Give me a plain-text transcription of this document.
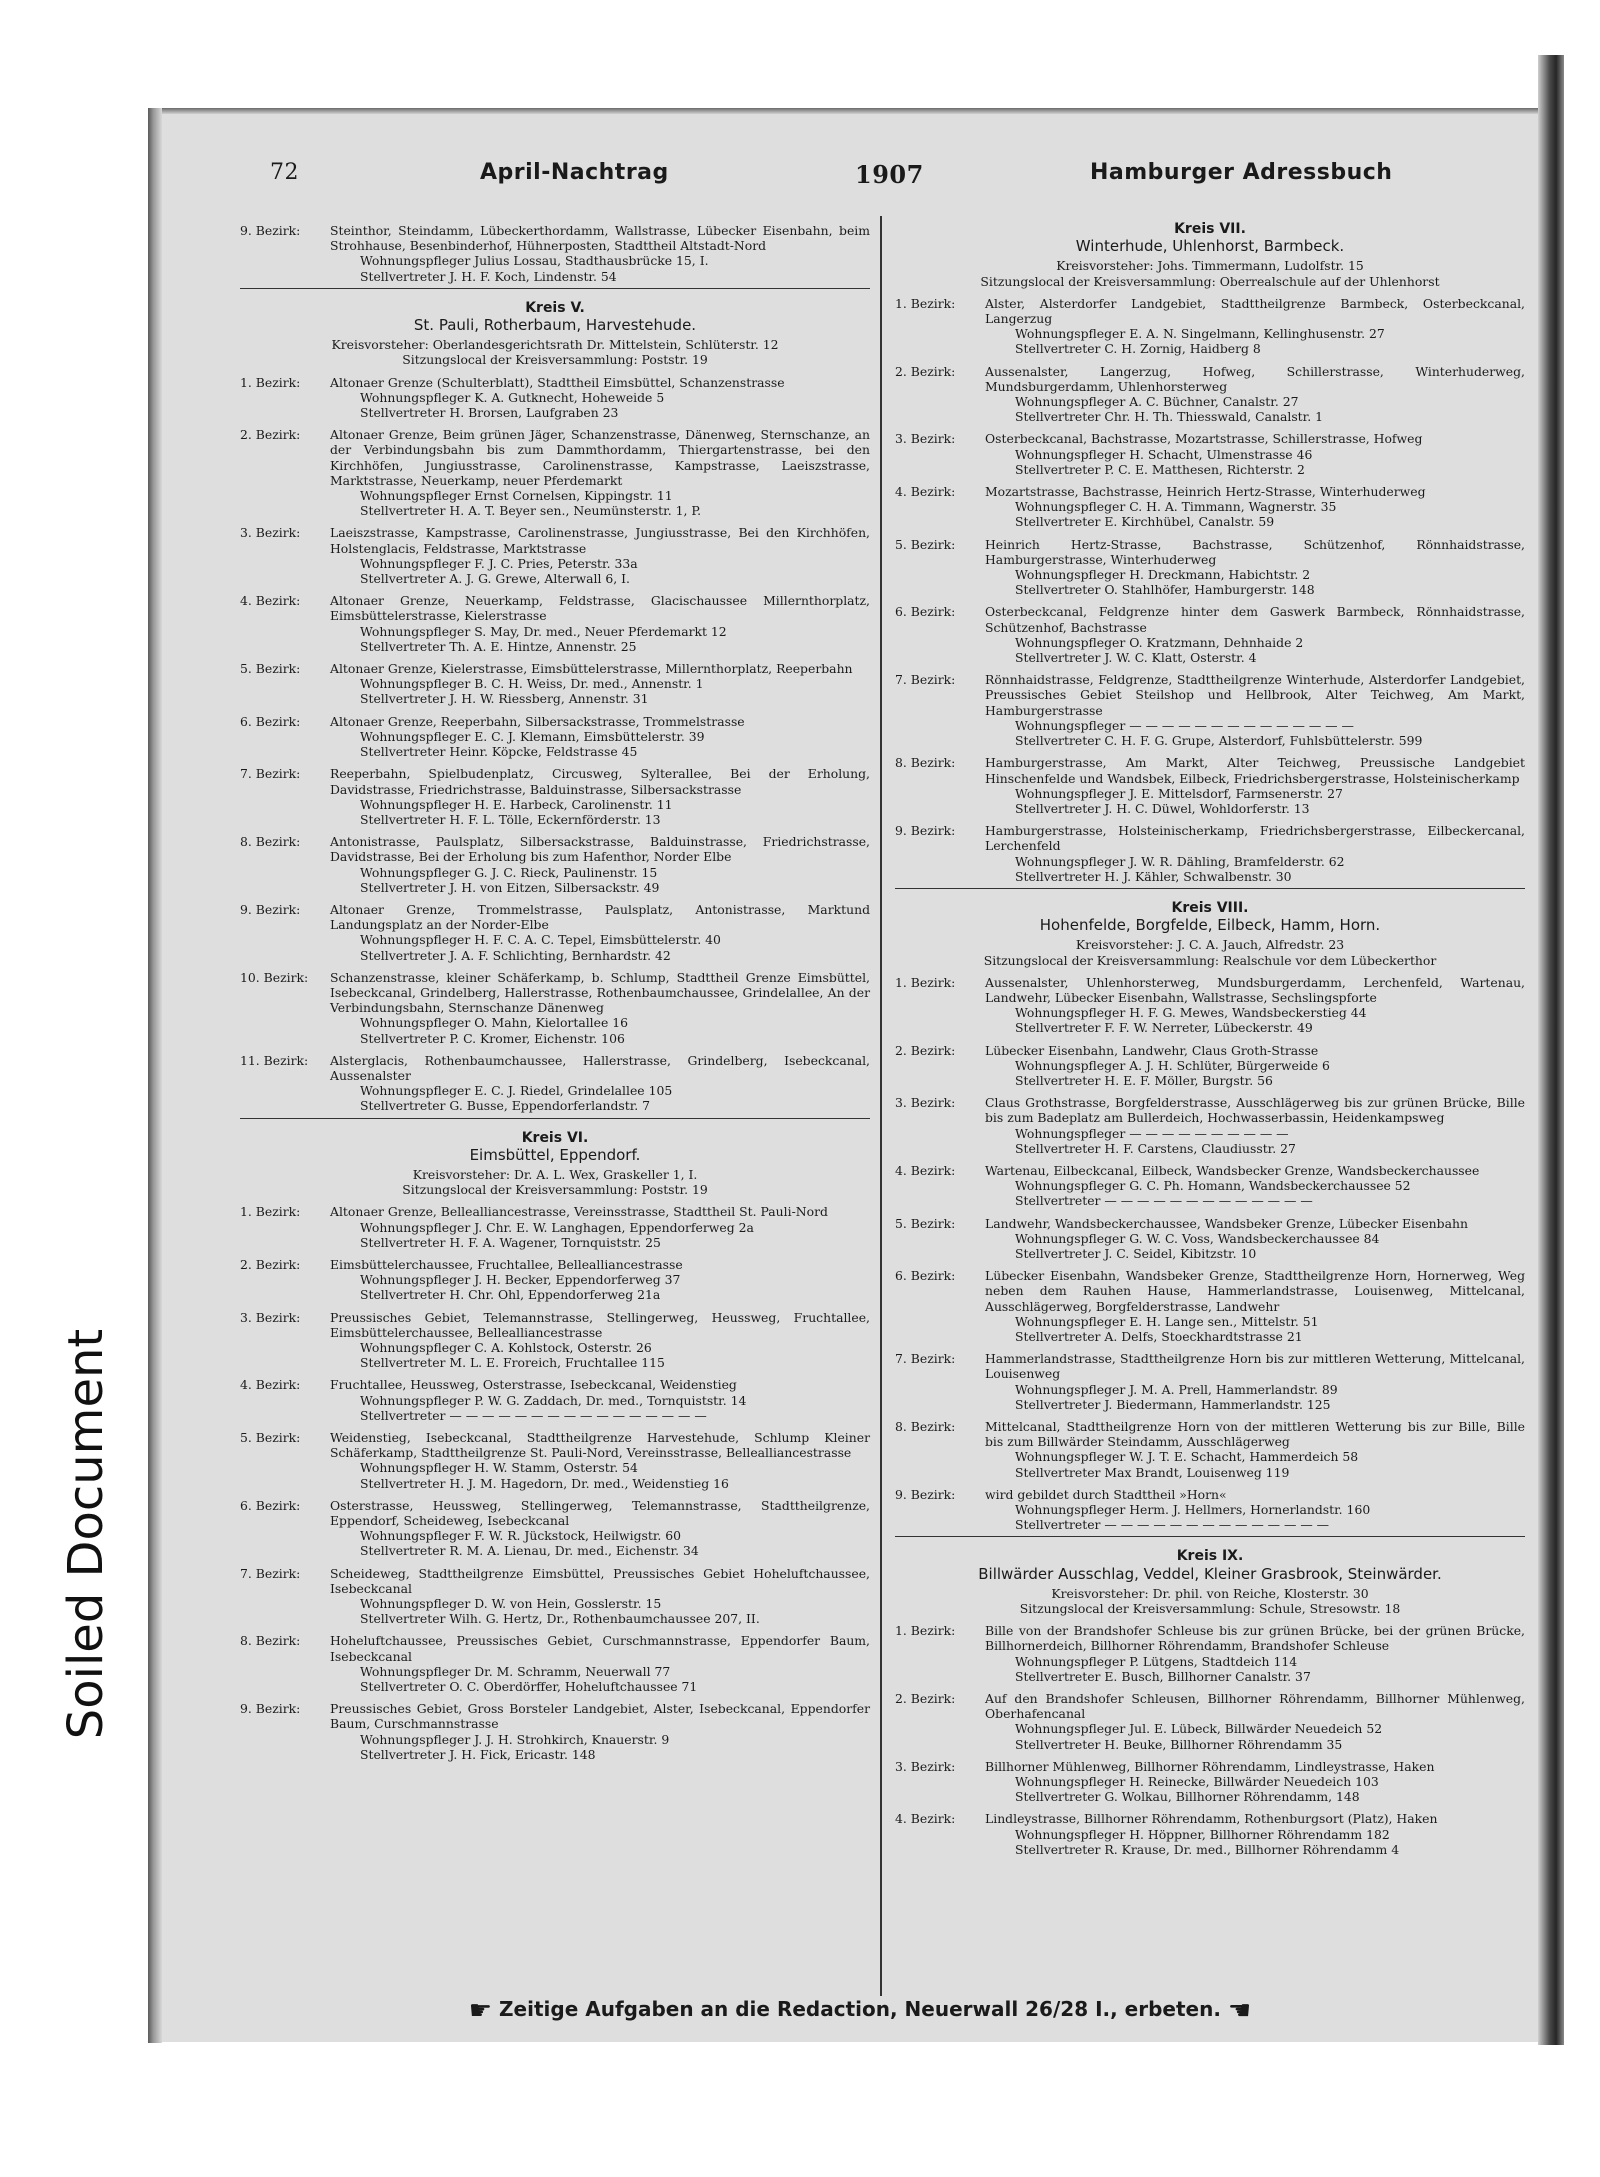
72	April-Nachtrag	1907	Hamburger Adressbuch
9. Bezirk:	Steinthor, Steindamm, Lübeckerthordamm, Wallstrasse, Lübecker Eisenbahn, beim Strohhause, Besenbinderhof, Hühnerposten, Stadttheil Altstadt-Nord
Wohnungspfleger Julius Lossau, Stadthausbrücke 15, I.
Stellvertreter J. H. F. Koch, Lindenstr. 54
Kreis V.
St. Pauli, Rotherbaum, Harvestehude.
Kreisvorsteher: Oberlandesgerichtsrath Dr. Mittelstein, Schlüterstr. 12
Sitzungslocal der Kreisversammlung: Poststr. 19
1. Bezirk:	Altonaer Grenze (Schulterblatt), Stadttheil Eimsbüttel, Schanzenstrasse
Wohnungspfleger K. A. Gutknecht, Hoheweide 5
Stellvertreter H. Brorsen, Laufgraben 23
2. Bezirk:	Altonaer Grenze, Beim grünen Jäger, Schanzenstrasse, Dänenweg, Sternschanze, an der Verbindungsbahn bis zum Dammthordamm, Thiergartenstrasse, bei den Kirchhöfen, Jungiusstrasse, Carolinenstrasse, Kampstrasse, Laeiszstrasse, Marktstrasse, Neuerkamp, neuer Pferdemarkt
Wohnungspfleger Ernst Cornelsen, Kippingstr. 11
Stellvertreter H. A. T. Beyer sen., Neumünsterstr. 1, P.
3. Bezirk:	Laeiszstrasse, Kampstrasse, Carolinenstrasse, Jungiusstrasse, Bei den Kirchhöfen, Holstenglacis, Feldstrasse, Marktstrasse
Wohnungspfleger F. J. C. Pries, Peterstr. 33a
Stellvertreter A. J. G. Grewe, Alterwall 6, I.
4. Bezirk:	Altonaer Grenze, Neuerkamp, Feldstrasse, Glacischaussee Millernthorplatz, Eimsbüttelerstrasse, Kielerstrasse
Wohnungspfleger S. May, Dr. med., Neuer Pferdemarkt 12
Stellvertreter Th. A. E. Hintze, Annenstr. 25
5. Bezirk:	Altonaer Grenze, Kielerstrasse, Eimsbüttelerstrasse, Millernthorplatz, Reeperbahn
Wohnungspfleger B. C. H. Weiss, Dr. med., Annenstr. 1
Stellvertreter J. H. W. Riessberg, Annenstr. 31
6. Bezirk:	Altonaer Grenze, Reeperbahn, Silbersackstrasse, Trommelstrasse
Wohnungspfleger E. C. J. Klemann, Eimsbüttelerstr. 39
Stellvertreter Heinr. Köpcke, Feldstrasse 45
7. Bezirk:	Reeperbahn, Spielbudenplatz, Circusweg, Sylterallee, Bei der Erholung, Davidstrasse, Friedrichstrasse, Balduinstrasse, Silbersackstrasse
Wohnungspfleger H. E. Harbeck, Carolinenstr. 11
Stellvertreter H. F. L. Tölle, Eckernförderstr. 13
8. Bezirk:	Antonistrasse, Paulsplatz, Silbersackstrasse, Balduinstrasse, Friedrichstrasse, Davidstrasse, Bei der Erholung bis zum Hafenthor, Norder Elbe
Wohnungspfleger G. J. C. Rieck, Paulinenstr. 15
Stellvertreter J. H. von Eitzen, Silbersackstr. 49
9. Bezirk:	Altonaer Grenze, Trommelstrasse, Paulsplatz, Antonistrasse, Marktund Landungsplatz an der Norder-Elbe
Wohnungspfleger H. F. C. A. C. Tepel, Eimsbüttelerstr. 40
Stellvertreter J. A. F. Schlichting, Bernhardstr. 42
10. Bezirk:	Schanzenstrasse, kleiner Schäferkamp, b. Schlump, Stadttheil Grenze Eimsbüttel, Isebeckcanal, Grindelberg, Hallerstrasse, Rothenbaumchaussee, Grindelallee, An der Verbindungsbahn, Sternschanze Dänenweg
Wohnungspfleger O. Mahn, Kielortallee 16
Stellvertreter P. C. Kromer, Eichenstr. 106
11. Bezirk:	Alsterglacis, Rothenbaumchaussee, Hallerstrasse, Grindelberg, Isebeckcanal, Aussenalster
Wohnungspfleger E. C. J. Riedel, Grindelallee 105
Stellvertreter G. Busse, Eppendorferlandstr. 7
Kreis VI.
Eimsbüttel, Eppendorf.
Kreisvorsteher: Dr. A. L. Wex, Graskeller 1, I.
Sitzungslocal der Kreisversammlung: Poststr. 19
1. Bezirk:	Altonaer Grenze, Bellealliancestrasse, Vereinsstrasse, Stadttheil St. Pauli-Nord
Wohnungspfleger J. Chr. E. W. Langhagen, Eppendorferweg 2a
Stellvertreter H. F. A. Wagener, Tornquiststr. 25
2. Bezirk:	Eimsbüttelerchaussee, Fruchtallee, Bellealliancestrasse
Wohnungspfleger J. H. Becker, Eppendorferweg 37
Stellvertreter H. Chr. Ohl, Eppendorferweg 21a
3. Bezirk:	Preussisches Gebiet, Telemannstrasse, Stellingerweg, Heussweg, Fruchtallee, Eimsbüttelerchaussee, Bellealliancestrasse
Wohnungspfleger C. A. Kohlstock, Osterstr. 26
Stellvertreter M. L. E. Froreich, Fruchtallee 115
4. Bezirk:	Fruchtallee, Heussweg, Osterstrasse, Isebeckcanal, Weidenstieg
Wohnungspfleger P. W. G. Zaddach, Dr. med., Tornquiststr. 14
Stellvertreter — — — — — — — — — — — — — — — —
5. Bezirk:	Weidenstieg, Isebeckcanal, Stadttheilgrenze Harvestehude, Schlump Kleiner Schäferkamp, Stadttheilgrenze St. Pauli-Nord, Vereinsstrasse, Bellealliancestrasse
Wohnungspfleger H. W. Stamm, Osterstr. 54
Stellvertreter H. J. M. Hagedorn, Dr. med., Weidenstieg 16
6. Bezirk:	Osterstrasse, Heussweg, Stellingerweg, Telemannstrasse, Stadttheilgrenze, Eppendorf, Scheideweg, Isebeckcanal
Wohnungspfleger F. W. R. Jückstock, Heilwigstr. 60
Stellvertreter R. M. A. Lienau, Dr. med., Eichenstr. 34
7. Bezirk:	Scheideweg, Stadttheilgrenze Eimsbüttel, Preussisches Gebiet Hoheluftchaussee, Isebeckcanal
Wohnungspfleger D. W. von Hein, Gosslerstr. 15
Stellvertreter Wilh. G. Hertz, Dr., Rothenbaumchaussee 207, II.
8. Bezirk:	Hoheluftchaussee, Preussisches Gebiet, Curschmannstrasse, Eppendorfer Baum, Isebeckcanal
Wohnungspfleger Dr. M. Schramm, Neuerwall 77
Stellvertreter O. C. Oberdörffer, Hoheluftchaussee 71
9. Bezirk:	Preussisches Gebiet, Gross Borsteler Landgebiet, Alster, Isebeckcanal, Eppendorfer Baum, Curschmannstrasse
Wohnungspfleger J. J. H. Strohkirch, Knauerstr. 9
Stellvertreter J. H. Fick, Ericastr. 148
Kreis VII.
Winterhude, Uhlenhorst, Barmbeck.
Kreisvorsteher: Johs. Timmermann, Ludolfstr. 15
Sitzungslocal der Kreisversammlung: Oberrealschule auf der Uhlenhorst
1. Bezirk:	Alster, Alsterdorfer Landgebiet, Stadttheilgrenze Barmbeck, Osterbeckcanal, Langerzug
Wohnungspfleger E. A. N. Singelmann, Kellinghusenstr. 27
Stellvertreter C. H. Zornig, Haidberg 8
2. Bezirk:	Aussenalster, Langerzug, Hofweg, Schillerstrasse, Winterhuderweg, Mundsburgerdamm, Uhlenhorsterweg
Wohnungspfleger A. C. Büchner, Canalstr. 27
Stellvertreter Chr. H. Th. Thiesswald, Canalstr. 1
3. Bezirk:	Osterbeckcanal, Bachstrasse, Mozartstrasse, Schillerstrasse, Hofweg
Wohnungspfleger H. Schacht, Ulmenstrasse 46
Stellvertreter P. C. E. Matthesen, Richterstr. 2
4. Bezirk:	Mozartstrasse, Bachstrasse, Heinrich Hertz-Strasse, Winterhuderweg
Wohnungspfleger C. H. A. Timmann, Wagnerstr. 35
Stellvertreter E. Kirchhübel, Canalstr. 59
5. Bezirk:	Heinrich Hertz-Strasse, Bachstrasse, Schützenhof, Rönnhaidstrasse, Hamburgerstrasse, Winterhuderweg
Wohnungspfleger H. Dreckmann, Habichtstr. 2
Stellvertreter O. Stahlhöfer, Hamburgerstr. 148
6. Bezirk:	Osterbeckcanal, Feldgrenze hinter dem Gaswerk Barmbeck, Rönnhaidstrasse, Schützenhof, Bachstrasse
Wohnungspfleger O. Kratzmann, Dehnhaide 2
Stellvertreter J. W. C. Klatt, Osterstr. 4
7. Bezirk:	Rönnhaidstrasse, Feldgrenze, Stadttheilgrenze Winterhude, Alsterdorfer Landgebiet, Preussisches Gebiet Steilshop und Hellbrook, Alter Teichweg, Am Markt, Hamburgerstrasse
Wohnungspfleger — — — — — — — — — — — — — —
Stellvertreter C. H. F. G. Grupe, Alsterdorf, Fuhlsbüttelerstr. 599
8. Bezirk:	Hamburgerstrasse, Am Markt, Alter Teichweg, Preussische Landgebiet Hinschenfelde und Wandsbek, Eilbeck, Friedrichsbergerstrasse, Holsteinischerkamp
Wohnungspfleger J. E. Mittelsdorf, Farmsenerstr. 27
Stellvertreter J. H. C. Düwel, Wohldorferstr. 13
9. Bezirk:	Hamburgerstrasse, Holsteinischerkamp, Friedrichsbergerstrasse, Eilbeckercanal, Lerchenfeld
Wohnungspfleger J. W. R. Dähling, Bramfelderstr. 62
Stellvertreter H. J. Kähler, Schwalbenstr. 30
Kreis VIII.
Hohenfelde, Borgfelde, Eilbeck, Hamm, Horn.
Kreisvorsteher: J. C. A. Jauch, Alfredstr. 23
Sitzungslocal der Kreisversammlung: Realschule vor dem Lübeckerthor
1. Bezirk:	Aussenalster, Uhlenhorsterweg, Mundsburgerdamm, Lerchenfeld, Wartenau, Landwehr, Lübecker Eisenbahn, Wallstrasse, Sechslingspforte
Wohnungspfleger H. F. G. Mewes, Wandsbeckerstieg 44
Stellvertreter F. F. W. Nerreter, Lübeckerstr. 49
2. Bezirk:	Lübecker Eisenbahn, Landwehr, Claus Groth-Strasse
Wohnungspfleger A. J. H. Schlüter, Bürgerweide 6
Stellvertreter H. E. F. Möller, Burgstr. 56
3. Bezirk:	Claus Grothstrasse, Borgfelderstrasse, Ausschlägerweg bis zur grünen Brücke, Bille bis zum Badeplatz am Bullerdeich, Hochwasserbassin, Heidenkampsweg
Wohnungspfleger — — — — — — — — — —
Stellvertreter H. F. Carstens, Claudiusstr. 27
4. Bezirk:	Wartenau, Eilbeckcanal, Eilbeck, Wandsbecker Grenze, Wandsbeckerchaussee
Wohnungspfleger G. C. Ph. Homann, Wandsbeckerchaussee 52
Stellvertreter — — — — — — — — — — — — —
5. Bezirk:	Landwehr, Wandsbeckerchaussee, Wandsbeker Grenze, Lübecker Eisenbahn
Wohnungspfleger G. W. C. Voss, Wandsbeckerchaussee 84
Stellvertreter J. C. Seidel, Kibitzstr. 10
6. Bezirk:	Lübecker Eisenbahn, Wandsbeker Grenze, Stadttheilgrenze Horn, Hornerweg, Weg neben dem Rauhen Hause, Hammerlandstrasse, Louisenweg, Mittelcanal, Ausschlägerweg, Borgfelderstrasse, Landwehr
Wohnungspfleger E. H. Lange sen., Mittelstr. 51
Stellvertreter A. Delfs, Stoeckhardtstrasse 21
7. Bezirk:	Hammerlandstrasse, Stadttheilgrenze Horn bis zur mittleren Wetterung, Mittelcanal, Louisenweg
Wohnungspfleger J. M. A. Prell, Hammerlandstr. 89
Stellvertreter J. Biedermann, Hammerlandstr. 125
8. Bezirk:	Mittelcanal, Stadttheilgrenze Horn von der mittleren Wetterung bis zur Bille, Bille bis zum Billwärder Steindamm, Ausschlägerweg
Wohnungspfleger W. J. T. E. Schacht, Hammerdeich 58
Stellvertreter Max Brandt, Louisenweg 119
9. Bezirk:	wird gebildet durch Stadttheil »Horn«
Wohnungspfleger Herm. J. Hellmers, Hornerlandstr. 160
Stellvertreter — — — — — — — — — — — — — —
Kreis IX.
Billwärder Ausschlag, Veddel, Kleiner Grasbrook, Steinwärder.
Kreisvorsteher: Dr. phil. von Reiche, Klosterstr. 30
Sitzungslocal der Kreisversammlung: Schule, Stresowstr. 18
1. Bezirk:	Bille von der Brandshofer Schleuse bis zur grünen Brücke, bei der grünen Brücke, Billhornerdeich, Billhorner Röhrendamm, Brandshofer Schleuse
Wohnungspfleger P. Lütgens, Stadtdeich 114
Stellvertreter E. Busch, Billhorner Canalstr. 37
2. Bezirk:	Auf den Brandshofer Schleusen, Billhorner Röhrendamm, Billhorner Mühlenweg, Oberhafencanal
Wohnungspfleger Jul. E. Lübeck, Billwärder Neuedeich 52
Stellvertreter H. Beuke, Billhorner Röhrendamm 35
3. Bezirk:	Billhorner Mühlenweg, Billhorner Röhrendamm, Lindleystrasse, Haken
Wohnungspfleger H. Reinecke, Billwärder Neuedeich 103
Stellvertreter G. Wolkau, Billhorner Röhrendamm, 148
4. Bezirk:	Lindleystrasse, Billhorner Röhrendamm, Rothenburgsort (Platz), Haken
Wohnungspfleger H. Höppner, Billhorner Röhrendamm 182
Stellvertreter R. Krause, Dr. med., Billhorner Röhrendamm 4
☛ Zeitige Aufgaben an die Redaction, Neuerwall 26/28 I., erbeten. ☚
Soiled Document
